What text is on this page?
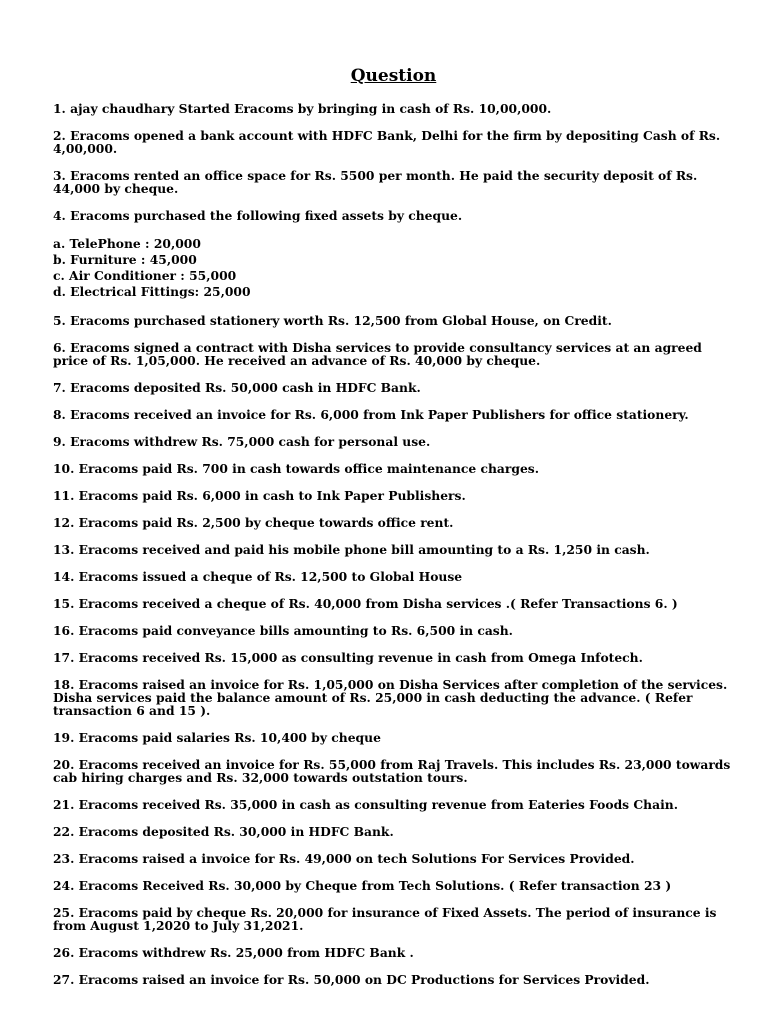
Question

1. ajay chaudhary Started Eracoms by bringing in cash of Rs. 10,00,000.

2. Eracoms opened a bank account with HDFC Bank, Delhi for the firm by depositing Cash of Rs. 4,00,000.

3. Eracoms rented an office space for Rs. 5500 per month. He paid the security deposit of Rs. 44,000 by cheque.

4. Eracoms purchased the following fixed assets by cheque.

a. TelePhone : 20,000
b. Furniture : 45,000
c. Air Conditioner : 55,000
d. Electrical Fittings: 25,000

5. Eracoms purchased stationery worth Rs. 12,500 from Global House, on Credit.

6. Eracoms signed a contract with Disha services to provide consultancy services at an agreed price of Rs. 1,05,000. He received an advance of Rs. 40,000 by cheque.

7. Eracoms deposited Rs. 50,000 cash in HDFC Bank.

8. Eracoms received an invoice for Rs. 6,000 from Ink Paper Publishers for office stationery.

9. Eracoms withdrew Rs. 75,000 cash for personal use.

10. Eracoms paid Rs. 700 in cash towards office maintenance charges.

11. Eracoms paid Rs. 6,000 in cash to Ink Paper Publishers.

12. Eracoms paid Rs. 2,500 by cheque towards office rent.

13. Eracoms received and paid his mobile phone bill amounting to a Rs. 1,250 in cash.

14. Eracoms issued a cheque of Rs. 12,500 to Global House

15. Eracoms received a cheque of Rs. 40,000 from Disha services .( Refer Transactions 6. )

16. Eracoms paid conveyance bills amounting to Rs. 6,500 in cash.

17. Eracoms received Rs. 15,000 as consulting revenue in cash from Omega Infotech.

18. Eracoms raised an invoice for Rs. 1,05,000 on Disha Services after completion of the services. Disha services paid the balance amount of Rs. 25,000 in cash deducting the advance. ( Refer transaction 6 and 15 ).

19. Eracoms paid salaries Rs. 10,400 by cheque

20. Eracoms received an invoice for Rs. 55,000 from Raj Travels. This includes Rs. 23,000 towards cab hiring charges and Rs. 32,000 towards outstation tours.

21. Eracoms received Rs. 35,000 in cash as consulting revenue from Eateries Foods Chain.

22. Eracoms deposited Rs. 30,000 in HDFC Bank.

23. Eracoms raised a invoice for Rs. 49,000 on tech Solutions For Services Provided.

24. Eracoms Received Rs. 30,000 by Cheque from Tech Solutions. ( Refer transaction 23 )

25. Eracoms paid by cheque Rs. 20,000 for insurance of Fixed Assets. The period of insurance is from August 1,2020 to July 31,2021.

26. Eracoms withdrew Rs. 25,000 from HDFC Bank .

27. Eracoms raised an invoice for Rs. 50,000 on DC Productions for Services Provided.
